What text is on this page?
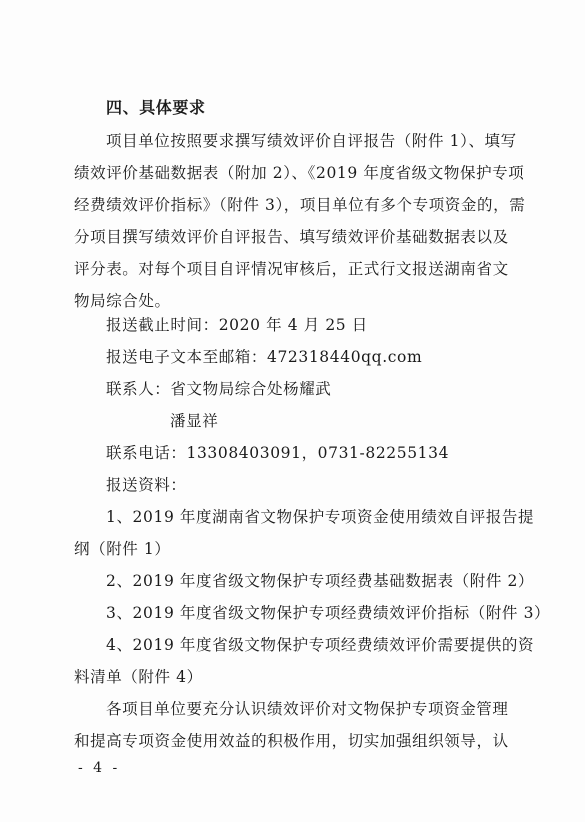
四、具体要求
项目单位按照要求撰写绩效评价自评报告（附件 1）、填写
绩效评价基础数据表（附加 2）、《2019 年度省级文物保护专项
经费绩效评价指标》（附件 3），项目单位有多个专项资金的，需
分项目撰写绩效评价自评报告、填写绩效评价基础数据表以及
评分表。对每个项目自评情况审核后，正式行文报送湖南省文
物局综合处。
报送截止时间：2020 年 4 月 25 日
报送电子文本至邮箱：472318440qq.com
联系人：省文物局综合处杨耀武
潘显祥
联系电话：13308403091，0731-82255134
报送资料：
1、2019 年度湖南省文物保护专项资金使用绩效自评报告提
纲（附件 1）
2、2019 年度省级文物保护专项经费基础数据表（附件 2）
3、2019 年度省级文物保护专项经费绩效评价指标（附件 3）
4、2019 年度省级文物保护专项经费绩效评价需要提供的资
料清单（附件 4）
各项目单位要充分认识绩效评价对文物保护专项资金管理
和提高专项资金使用效益的积极作用，切实加强组织领导，认
- 4 -
